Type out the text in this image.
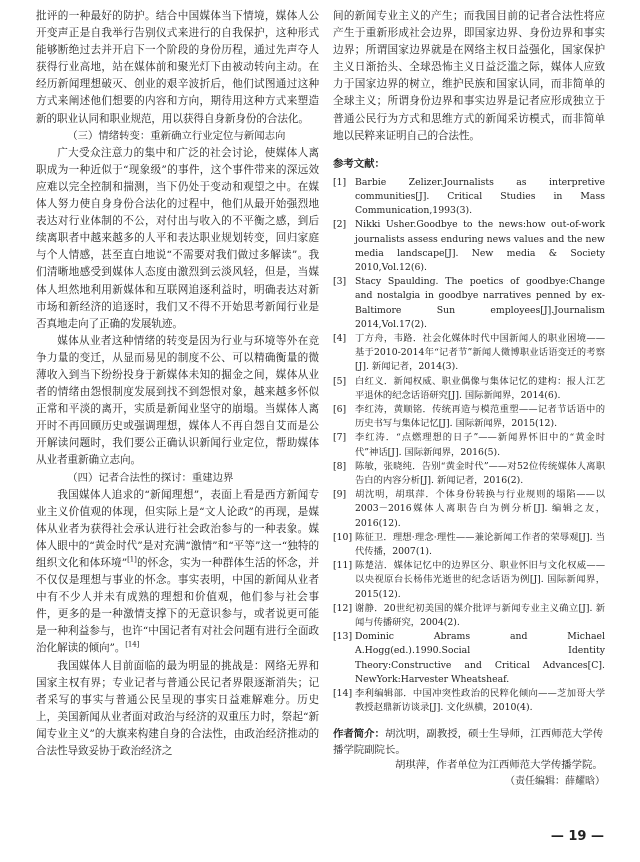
批评的一种最好的防护。结合中国媒体当下情境，媒体人公开变声正是自我举行告别仪式来进行的自我保护，这种形式能够断绝过去并开启下一个阶段的身份历程，通过先声夺人获得行业高地，站在媒体前和聚光灯下由被动转向主动。在经历新闻理想破灭、创业的艰辛波折后，他们试图通过这种方式来阐述他们想要的内容和方向，期待用这种方式来塑造新的职业认同和职业规范，用以获得自身新身份的合法化。

（三）情绪转变：重新确立行业定位与新闻志向

广大受众注意力的集中和广泛的社会讨论，使媒体人离职成为一种近似于“现象级”的事件，这个事件带来的深远效应难以完全控制和揣测，当下仍处于变动和观望之中。在媒体人努力使自身身份合法化的过程中，他们从最开始强烈地表达对行业体制的不公，对付出与收入的不平衡之感，到后续离职者中越来越多的人平和表达职业规划转变，回归家庭与个人情感，甚至直白地说“不需要对我们做过多解读”。我们清晰地感受到媒体人态度由激烈到云淡风轻，但是，当媒体人坦然地利用新媒体和互联网追逐利益时，明确表达对新市场和新经济的追逐时，我们又不得不开始思考新闻行业是否真地走向了正确的发展轨迹。

媒体从业者这种情绪的转变是因为行业与环境等外在竞争力量的变迁，从显而易见的制度不公、可以精确衡量的微薄收入到当下纷纷投身于新媒体未知的掘金之间，媒体从业者的情绪由怨恨制度发展到找不到怨恨对象，越来越多怀似正常和平淡的离开，实质是新闻业坚守的崩塌。当媒体人离开时不再回顾历史或强调理想，媒体人不再自怨自艾而是公开解读问题时，我们要公正确认识新闻行业定位，帮助媒体从业者重新确立志向。

（四）记者合法性的探讨：重建边界

我国媒体人追求的“新闻理想”，表面上看是西方新闻专业主义价值观的体现，但实际上是“文人论政”的再现，是媒体从业者为获得社会承认进行社会政治参与的一种表象。媒体人眼中的“黄金时代”是对充满“激情”和“平等”这一“独特的组织文化和体环境”[1]的怀念，实为一种群体生活的怀念，并不仅仅是理想与事业的怀念。事实表明，中国的新闻从业者中有不少人并未有成熟的理想和价值观，他们参与社会事件，更多的是一种激情支撑下的无意识参与，或者说更可能是一种利益参与，也许“中国记者有对社会问题有进行全面政治化解读的倾向”。[14]

我国媒体人目前面临的最为明显的挑战是：网络无界和国家主权有界；专业记者与普通公民记者界限逐渐消失；记者采写的事实与普通公民呈现的事实日益难解难分。历史上，美国新闻从业者面对政治与经济的双重压力时，祭起“新闻专业主义”的大旗来构建自身的合法性，由政治经济推动的合法性导致妥协于政治经济之

间的新闻专业主义的产生；而我国目前的记者合法性将应产生于重新形成社会边界，即国家边界、身份边界和事实边界；所谓国家边界就是在网络主权日益强化，国家保护主义日渐抬头、全球恐怖主义日益泛滥之际，媒体人应致力于国家边界的树立，维护民族和国家认同，而非简单的全球主义；所谓身份边界和事实边界是记者应形成独立于普通公民行为方式和思维方式的新闻采访模式，而非简单地以民粹来证明自己的合法性。

参考文献：
[1] Barbie Zelizer.Journalists as interpretive communities[J]. Critical Studies in Mass Communication,1993(3).
[2] Nikki Usher.Goodbye to the news:how out-of-work journalists assess enduring news values and the new media landscape[J]. New media & Society 2010,Vol.12(6).
[3] Stacy Spaulding. The poetics of goodbye:Change and nostalgia in goodbye narratives penned by ex-Baltimore Sun employees[J].Journalism 2014,Vol.17(2).
[4] 丁方舟，韦路．社会化媒体时代中国新闻人的职业困境——基于2010-2014年“记者节”新闻人微博职业话语变迁的考察[J]. 新闻记者，2014(3).
[5] 白红义．新闻权威、职业偶像与集体记忆的建构：报人江艺平退休的纪念话语研究[J]. 国际新闻界，2014(6).
[6] 李红涛，黄顺铭．传统再造与模范重塑——记者节话语中的历史书写与集体记忆[J]. 国际新闻界，2015(12).
[7] 李红涛．“点燃理想的日子”——新闻界怀旧中的“黄金时代”神话[J]. 国际新闻界，2016(5).
[8] 陈敏，张晓纯．告别“黄金时代”——对52位传统媒体人离职告白的内容分析[J]. 新闻记者，2016(2).
[9] 胡沈明，胡琪萍．个体身份转换与行业规则的塌陷——以2003－2016媒体人离职告白为例分析[J]. 编辑之友，2016(12).
[10] 陈征卫．理想·理念·理性——兼论新闻工作者的荣辱观[J]. 当代传播，2007(1).
[11] 陈楚洁．媒体记忆中的边界区分、职业怀旧与文化权威——以央视原台长杨伟光逝世的纪念话语为例[J]. 国际新闻界，2015(12).
[12] 谢静．20世纪初美国的媒介批评与新闻专业主义确立[J]. 新闻与传播研究，2004(2).
[13] Dominic Abrams and Michael A.Hogg(ed.).1990.Social Identity Theory:Constructive and Critical Advances[C]. NewYork:Harvester Wheatsheaf.
[14] 李利编辑部．中国冲突性政治的民粹化倾向——芝加哥大学教授赵鼎新访谈录[J]. 文化纵横，2010(4).
作者简介：胡沈明，副教授，硕士生导师，江西师范大学传播学院副院长。
胡琪萍，作者单位为江西师范大学传播学院。
（责任编辑：薛耀晗）
— 19 —
